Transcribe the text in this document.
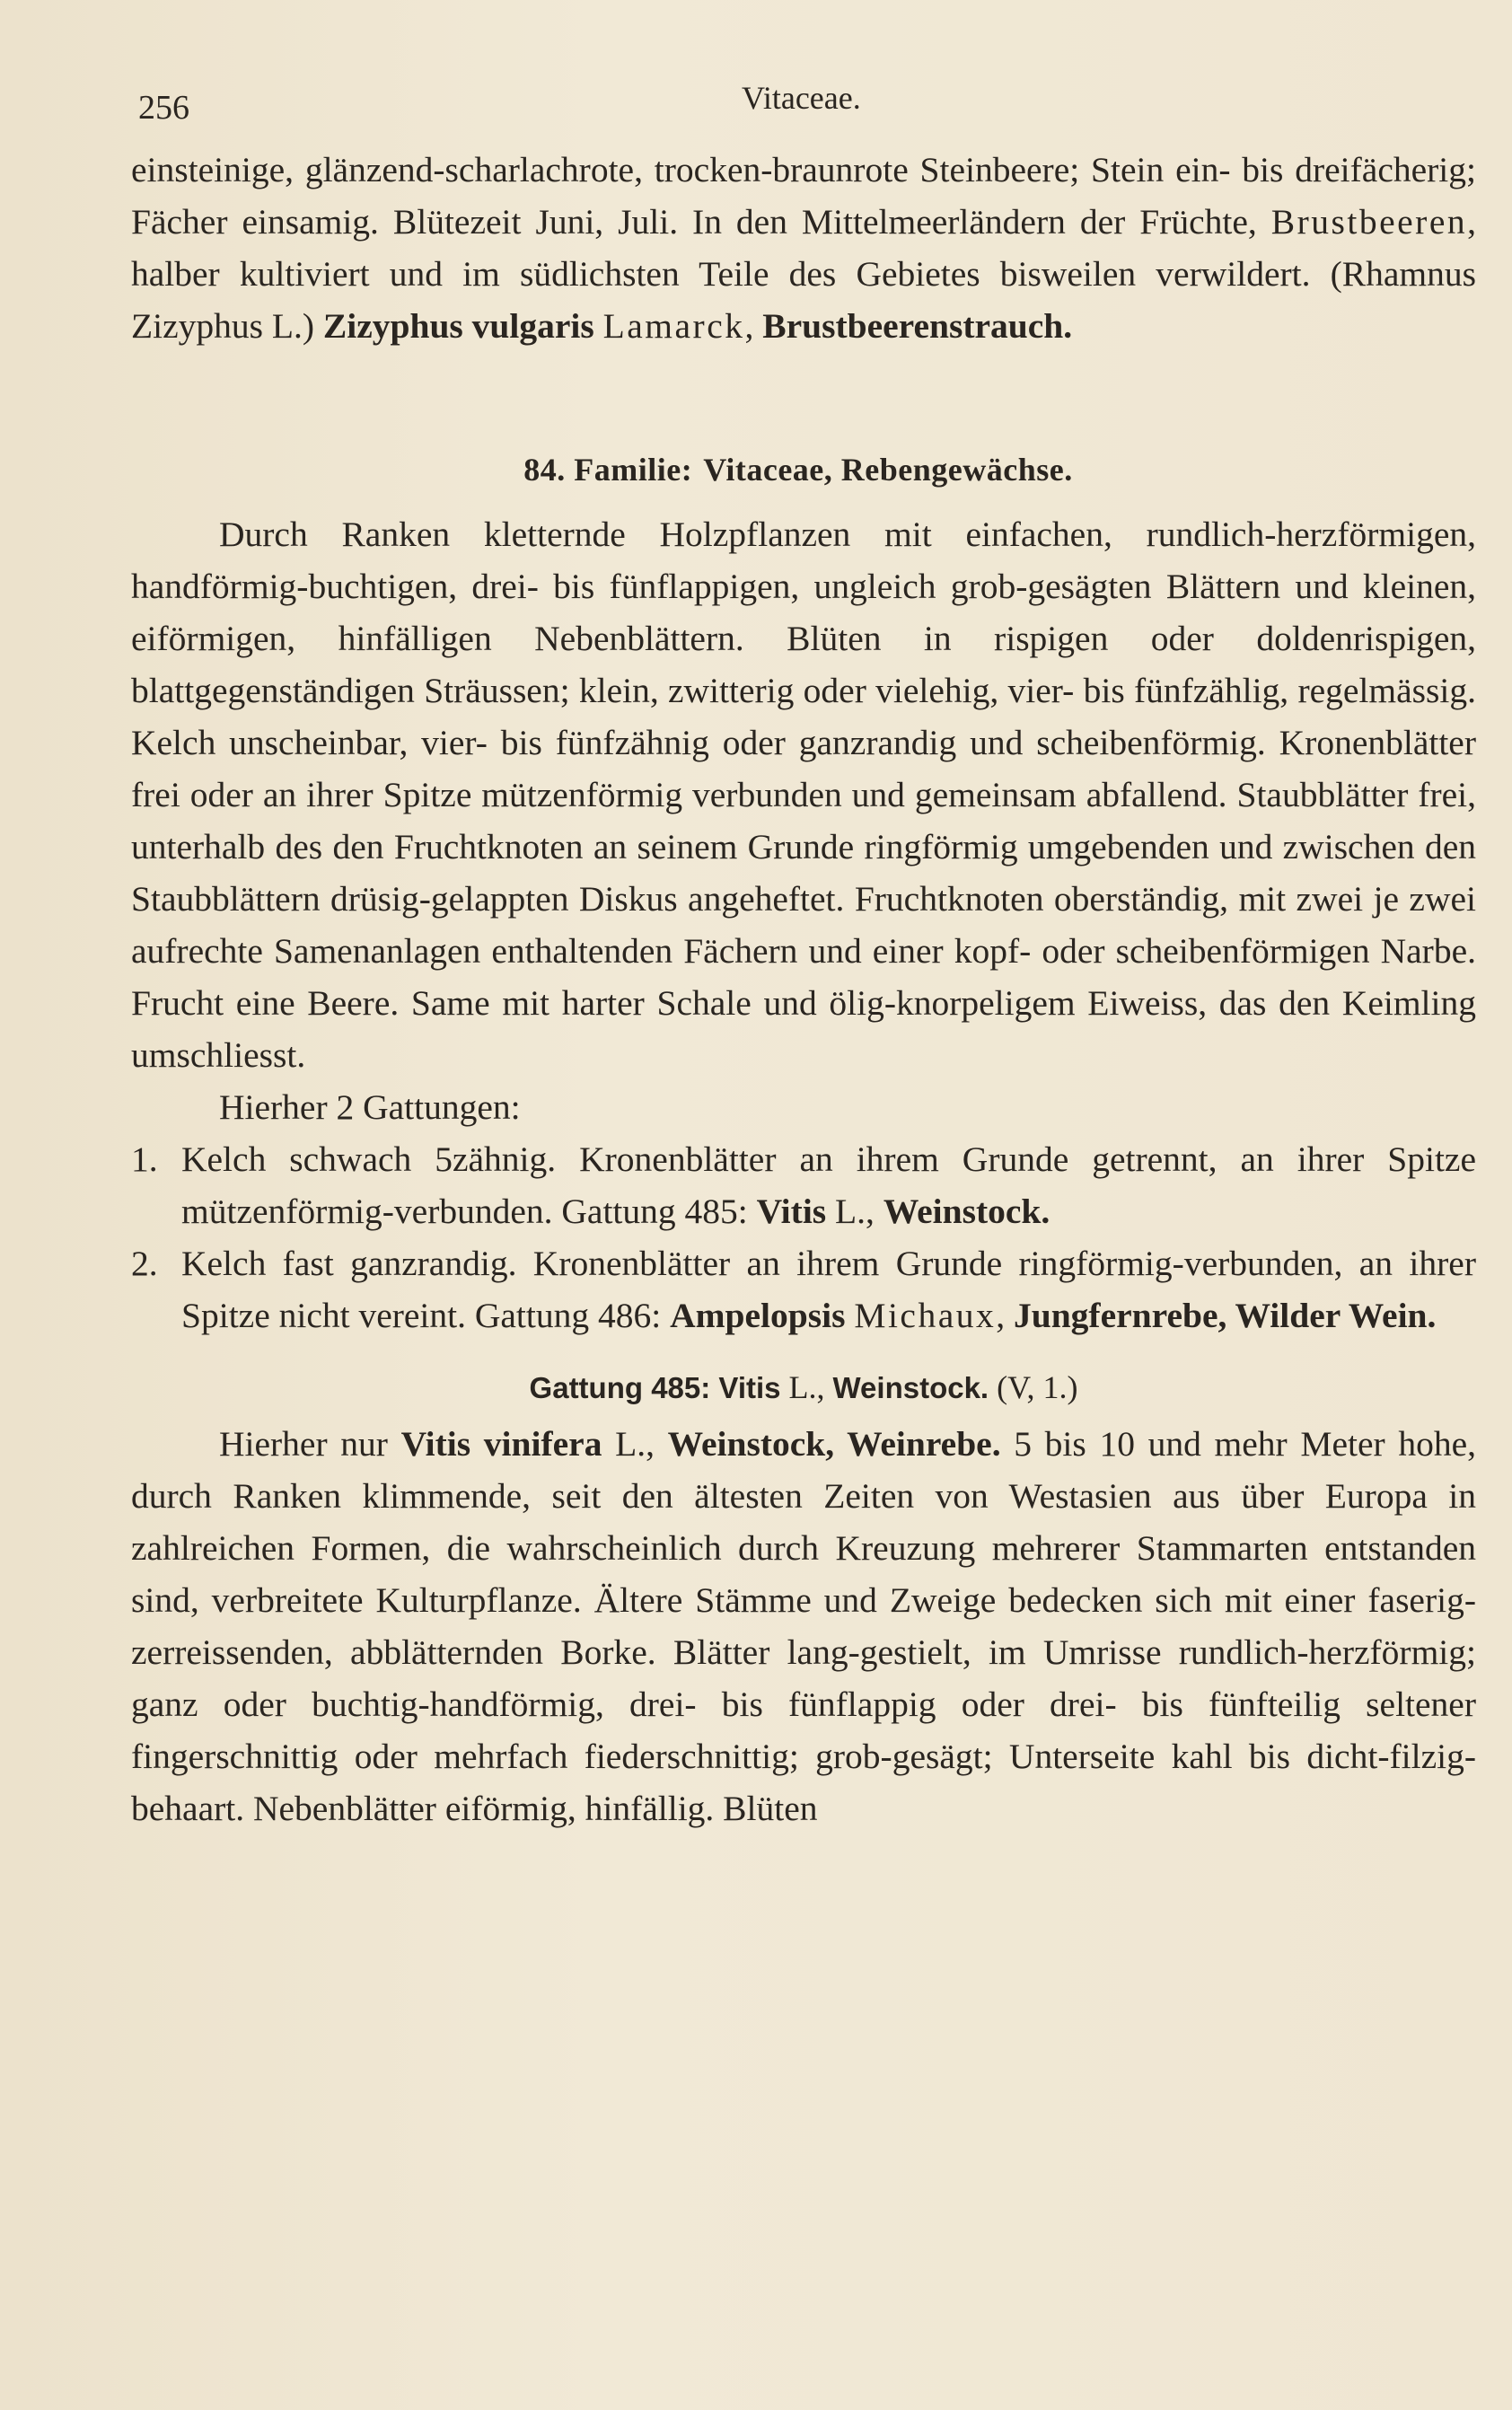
256	Vitaceae.

einsteinige, glänzend-scharlachrote, trocken-braunrote Steinbeere; Stein ein- bis dreifächerig; Fächer einsamig. Blütezeit Juni, Juli. In den Mittelmeerländern der Früchte, Brustbeeren, halber kultiviert und im südlichsten Teile des Gebietes bisweilen verwildert. (Rhamnus Zizyphus L.) Zizyphus vulgaris Lamarck, Brustbeerenstrauch.

84. Familie: Vitaceae, Rebengewächse.

Durch Ranken kletternde Holzpflanzen mit einfachen, rundlich-herzförmigen, handförmig-buchtigen, drei- bis fünflappigen, ungleich grob-gesägten Blättern und kleinen, eiförmigen, hinfälligen Nebenblättern. Blüten in rispigen oder doldenrispigen, blattgegenständigen Sträussen; klein, zwitterig oder vielehig, vier- bis fünfzählig, regelmässig. Kelch unscheinbar, vier- bis fünfzähnig oder ganzrandig und scheibenförmig. Kronenblätter frei oder an ihrer Spitze mützenförmig verbunden und gemeinsam abfallend. Staubblätter frei, unterhalb des den Fruchtknoten an seinem Grunde ringförmig umgebenden und zwischen den Staubblättern drüsig-gelappten Diskus angeheftet. Fruchtknoten oberständig, mit zwei je zwei aufrechte Samenanlagen enthaltenden Fächern und einer kopf- oder scheibenförmigen Narbe. Frucht eine Beere. Same mit harter Schale und ölig-knorpeligem Eiweiss, das den Keimling umschliesst.

Hierher 2 Gattungen:

1. Kelch schwach 5zähnig. Kronenblätter an ihrem Grunde getrennt, an ihrer Spitze mützenförmig-verbunden. Gattung 485: Vitis L., Weinstock.
2. Kelch fast ganzrandig. Kronenblätter an ihrem Grunde ringförmig-verbunden, an ihrer Spitze nicht vereint. Gattung 486: Ampelopsis Michaux, Jungfernrebe, Wilder Wein.
Gattung 485: Vitis L., Weinstock. (V, 1.)

Hierher nur Vitis vinifera L., Weinstock, Weinrebe. 5 bis 10 und mehr Meter hohe, durch Ranken klimmende, seit den ältesten Zeiten von Westasien aus über Europa in zahlreichen Formen, die wahrscheinlich durch Kreuzung mehrerer Stammarten entstanden sind, verbreitete Kulturpflanze. Ältere Stämme und Zweige bedecken sich mit einer faserig-zerreissenden, abblätternden Borke. Blätter lang-gestielt, im Umrisse rundlich-herzförmig; ganz oder buchtig-handförmig, drei- bis fünflappig oder drei- bis fünfteilig seltener fingerschnittig oder mehrfach fiederschnittig; grob-gesägt; Unterseite kahl bis dicht-filzig-behaart. Nebenblätter eiförmig, hinfällig. Blüten
